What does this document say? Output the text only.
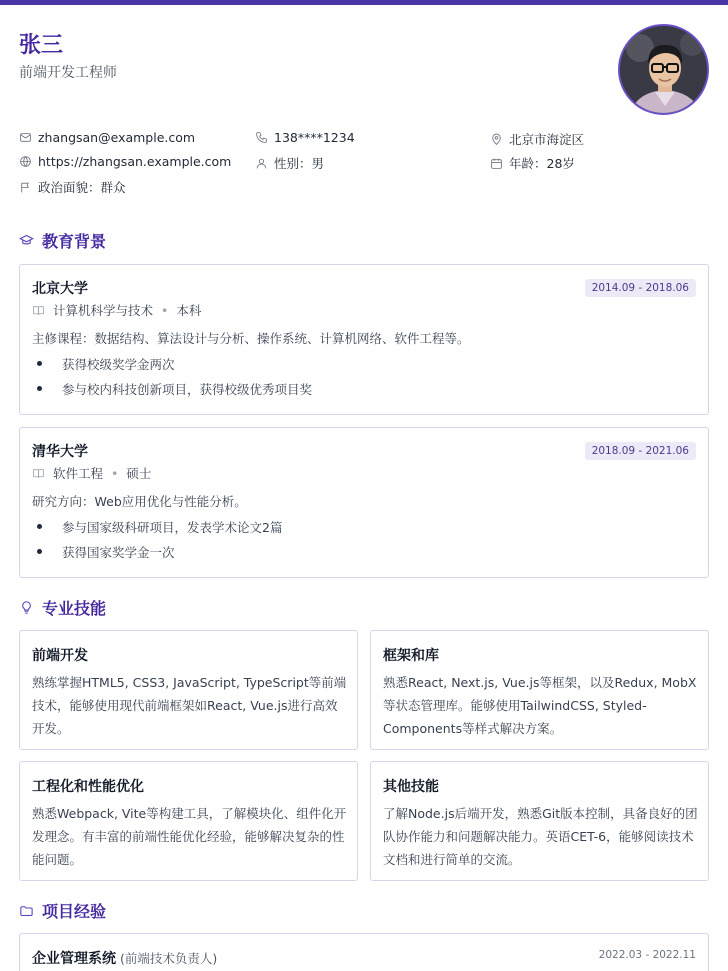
张三
前端开发工程师
zhangsan@example.com	138****1234	北京市海淀区
https://zhangsan.example.com	性别：男	年龄：28岁
政治面貌：群众
教育背景
北京大学	2014.09 - 2018.06
计算机科学与技术 • 本科
主修课程：数据结构、算法设计与分析、操作系统、计算机网络、软件工程等。
获得校级奖学金两次
参与校内科技创新项目，获得校级优秀项目奖
清华大学	2018.09 - 2021.06
软件工程 • 硕士
研究方向：Web应用优化与性能分析。
参与国家级科研项目，发表学术论文2篇
获得国家奖学金一次
专业技能
前端开发
熟练掌握HTML5, CSS3, JavaScript, TypeScript等前端技术，能够使用现代前端框架如React, Vue.js进行高效开发。
框架和库
熟悉React, Next.js, Vue.js等框架，以及Redux, MobX等状态管理库。能够使用TailwindCSS, Styled-Components等样式解决方案。
工程化和性能优化
熟悉Webpack, Vite等构建工具，了解模块化、组件化开发理念。有丰富的前端性能优化经验，能够解决复杂的性能问题。
其他技能
了解Node.js后端开发，熟悉Git版本控制，具备良好的团队协作能力和问题解决能力。英语CET-6，能够阅读技术文档和进行简单的交流。
项目经验
企业管理系统 (前端技术负责人)	2022.03 - 2022.11
